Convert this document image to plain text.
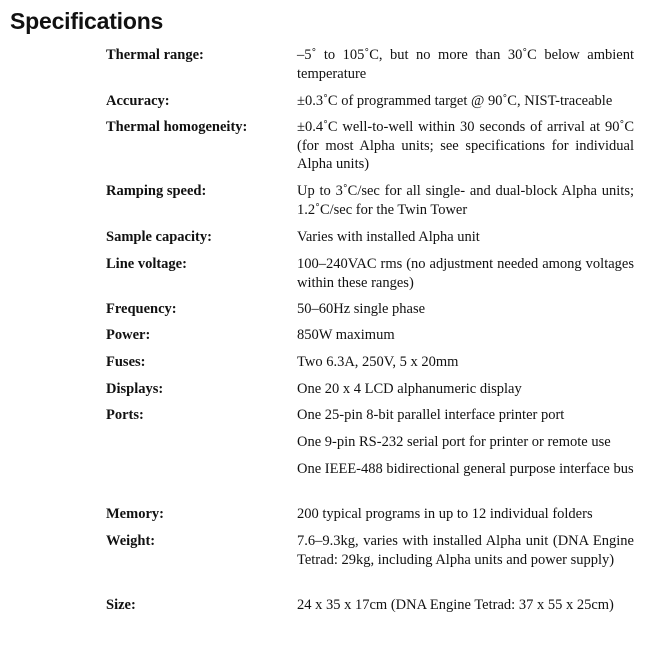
Specifications
Thermal range:	–5˚ to 105˚C, but no more than 30˚C below ambient temperature
Accuracy:	±0.3˚C of programmed target @ 90˚C, NIST-traceable
Thermal homogeneity:	±0.4˚C well-to-well within 30 seconds of arrival at 90˚C (for most Alpha units; see specifications for individual Alpha units)
Ramping speed:	Up to 3˚C/sec for all single- and dual-block Alpha units; 1.2˚C/sec for the Twin Tower
Sample capacity:	Varies with installed Alpha unit
Line voltage:	100–240VAC rms (no adjustment needed among voltages within these ranges)
Frequency:	50–60Hz single phase
Power:	850W maximum
Fuses:	Two 6.3A, 250V, 5 x 20mm
Displays:	One 20 x 4 LCD alphanumeric display
Ports:	One 25-pin 8-bit parallel interface printer port
One 9-pin RS-232 serial port for printer or remote use
One IEEE-488 bidirectional general purpose interface bus
Memory:	200 typical programs in up to 12 individual folders
Weight:	7.6–9.3kg, varies with installed Alpha unit (DNA Engine Tetrad: 29kg, including Alpha units and power supply)
Size:	24 x 35 x 17cm (DNA Engine Tetrad: 37 x 55 x 25cm)
